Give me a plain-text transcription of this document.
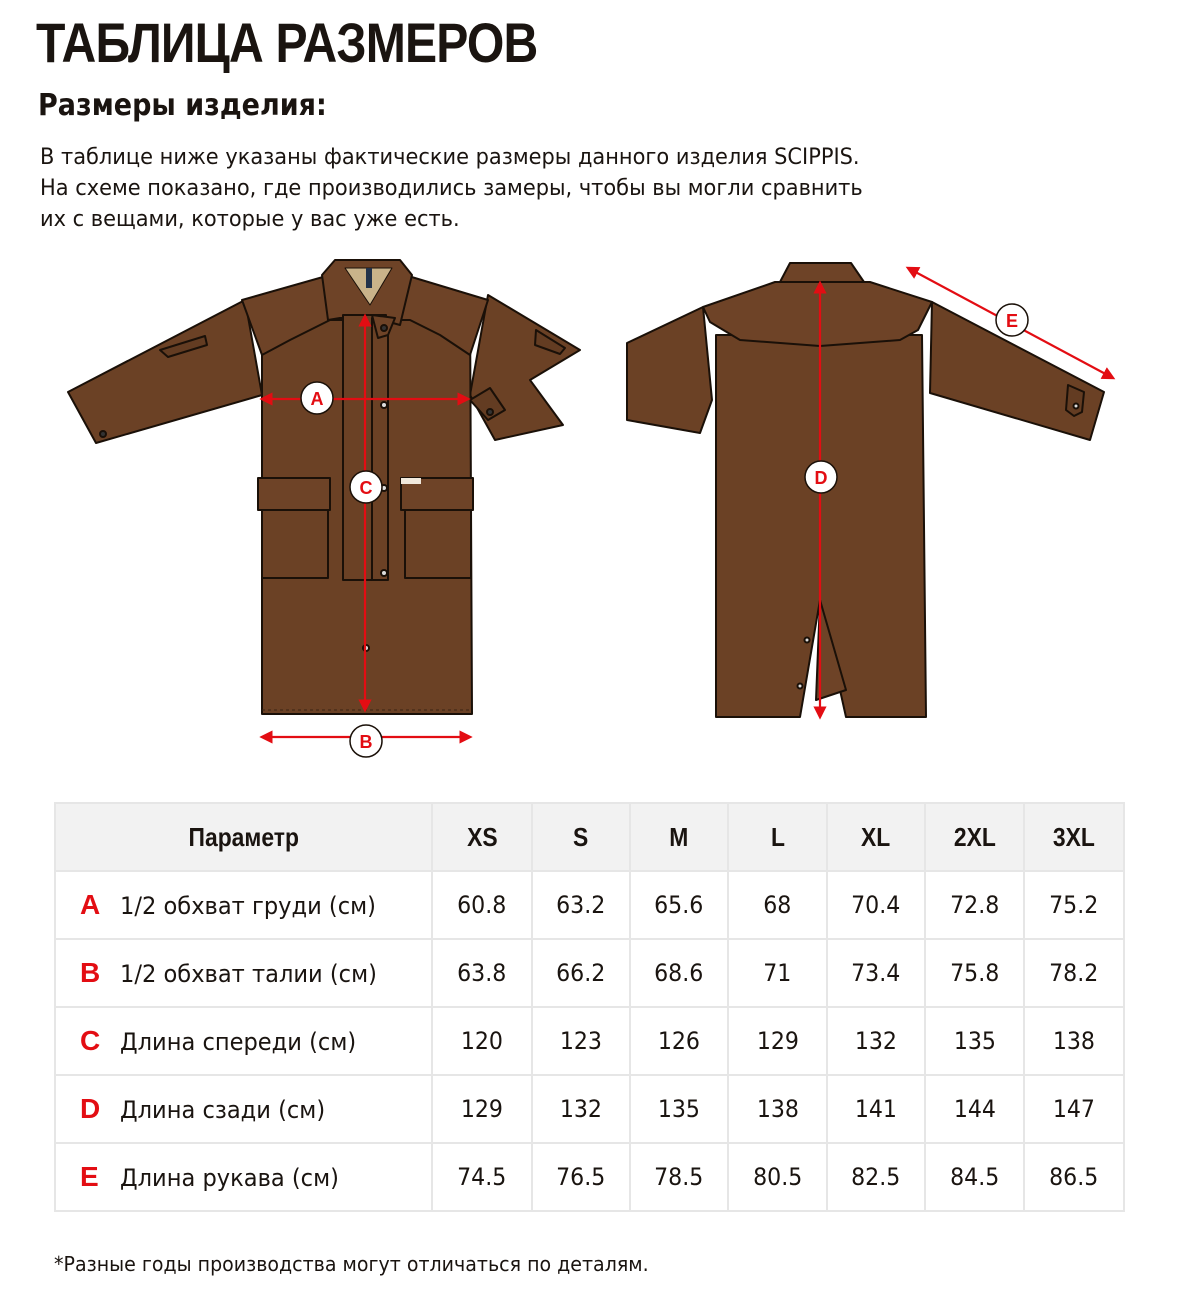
ТАБЛИЦА РАЗМЕРОВ
Размеры изделия:
В таблице ниже указаны фактические размеры данного изделия SCIPPIS.
На схеме показано, где производились замеры, чтобы вы могли сравнить
их с вещами, которые у вас уже есть.
A
C
B
D
E
Параметр	XS	S	M	L	XL	2XL	3XL
A 1/2 обхват груди (см)	60.8	63.2	65.6	68	70.4	72.8	75.2
B 1/2 обхват талии (см)	63.8	66.2	68.6	71	73.4	75.8	78.2
C Длина спереди (см)	120	123	126	129	132	135	138
D Длина сзади (см)	129	132	135	138	141	144	147
E Длина рукава (см)	74.5	76.5	78.5	80.5	82.5	84.5	86.5
*Разные годы производства могут отличаться по деталям.
